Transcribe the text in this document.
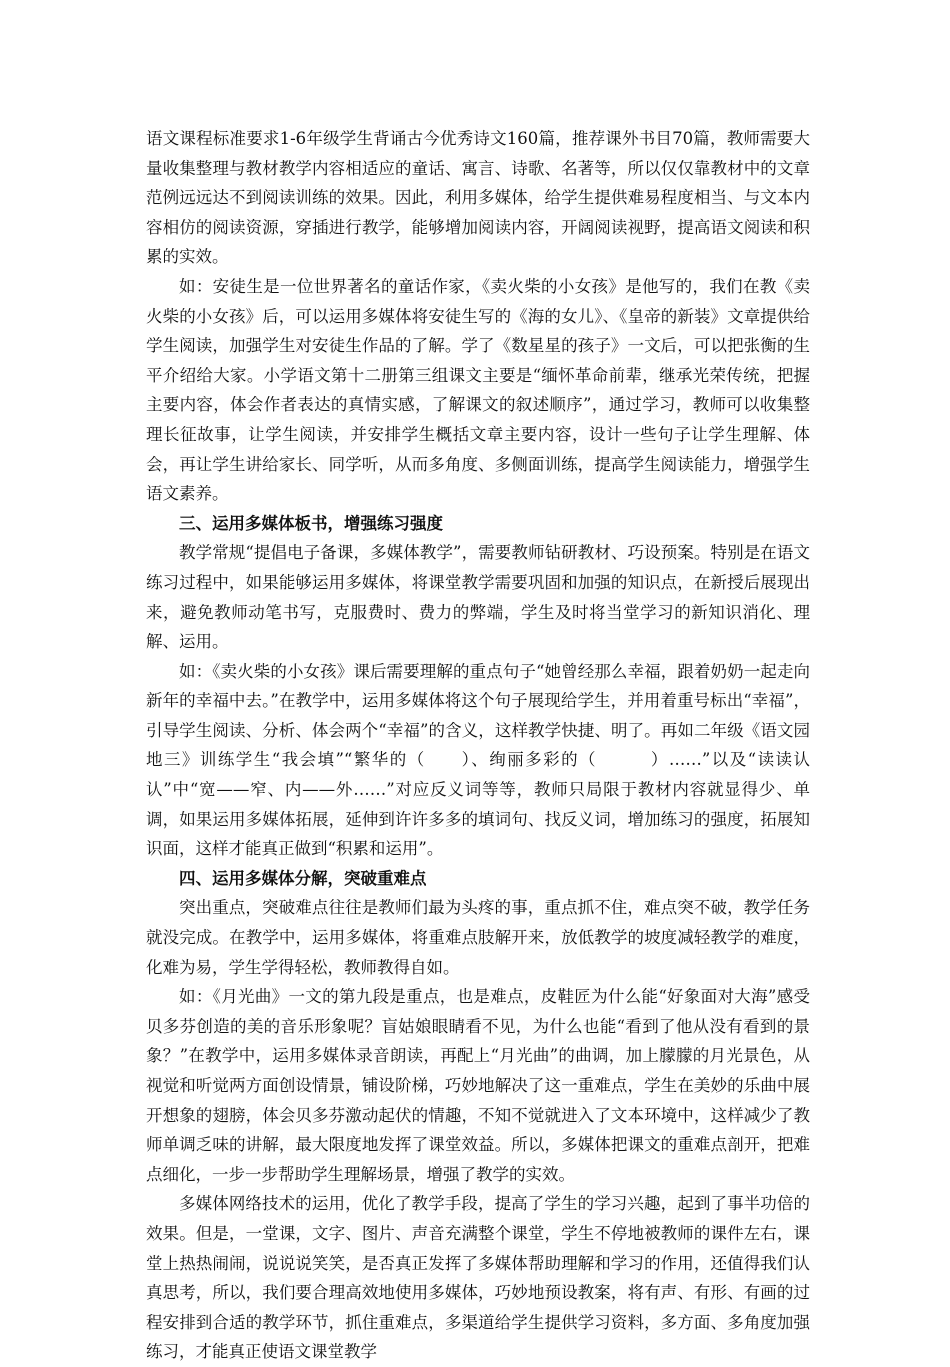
语文课程标准要求1-6年级学生背诵古今优秀诗文160篇，推荐课外书目70篇，教师需要大量收集整理与教材教学内容相适应的童话、寓言、诗歌、名著等，所以仅仅靠教材中的文章范例远远达不到阅读训练的效果。因此，利用多媒体，给学生提供难易程度相当、与文本内容相仿的阅读资源，穿插进行教学，能够增加阅读内容，开阔阅读视野，提高语文阅读和积累的实效。

如：安徒生是一位世界著名的童话作家，《卖火柴的小女孩》是他写的，我们在教《卖火柴的小女孩》后，可以运用多媒体将安徒生写的《海的女儿》、《皇帝的新装》文章提供给学生阅读，加强学生对安徒生作品的了解。学了《数星星的孩子》一文后，可以把张衡的生平介绍给大家。小学语文第十二册第三组课文主要是“缅怀革命前辈，继承光荣传统，把握主要内容，体会作者表达的真情实感，了解课文的叙述顺序”，通过学习，教师可以收集整理长征故事，让学生阅读，并安排学生概括文章主要内容，设计一些句子让学生理解、体会，再让学生讲给家长、同学听，从而多角度、多侧面训练，提高学生阅读能力，增强学生语文素养。

三、运用多媒体板书，增强练习强度

教学常规“提倡电子备课，多媒体教学”，需要教师钻研教材、巧设预案。特别是在语文练习过程中，如果能够运用多媒体，将课堂教学需要巩固和加强的知识点，在新授后展现出来，避免教师动笔书写，克服费时、费力的弊端，学生及时将当堂学习的新知识消化、理解、运用。

如：《卖火柴的小女孩》课后需要理解的重点句子“她曾经那么幸福，跟着奶奶一起走向新年的幸福中去。”在教学中，运用多媒体将这个句子展现给学生，并用着重号标出“幸福”，引导学生阅读、分析、体会两个“幸福”的含义，这样教学快捷、明了。再如二年级《语文园地三》训练学生“我会填”“繁华的（　　）、绚丽多彩的（　　　）……”以及“读读认认”中“宽——窄、内——外……”对应反义词等等，教师只局限于教材内容就显得少、单调，如果运用多媒体拓展，延伸到许许多多的填词句、找反义词，增加练习的强度，拓展知识面，这样才能真正做到“积累和运用”。

四、运用多媒体分解，突破重难点

突出重点，突破难点往往是教师们最为头疼的事，重点抓不住，难点突不破，教学任务就没完成。在教学中，运用多媒体，将重难点肢解开来，放低教学的坡度减轻教学的难度，化难为易，学生学得轻松，教师教得自如。

如：《月光曲》一文的第九段是重点，也是难点，皮鞋匠为什么能“好象面对大海”感受贝多芬创造的美的音乐形象呢？盲姑娘眼睛看不见，为什么也能“看到了他从没有看到的景象？”在教学中，运用多媒体录音朗读，再配上“月光曲”的曲调，加上朦朦的月光景色，从视觉和听觉两方面创设情景，铺设阶梯，巧妙地解决了这一重难点，学生在美妙的乐曲中展开想象的翅膀，体会贝多芬激动起伏的情趣，不知不觉就进入了文本环境中，这样减少了教师单调乏味的讲解，最大限度地发挥了课堂效益。所以，多媒体把课文的重难点剖开，把难点细化，一步一步帮助学生理解场景，增强了教学的实效。

多媒体网络技术的运用，优化了教学手段，提高了学生的学习兴趣，起到了事半功倍的效果。但是，一堂课，文字、图片、声音充满整个课堂，学生不停地被教师的课件左右，课堂上热热闹闹，说说说笑笑，是否真正发挥了多媒体帮助理解和学习的作用，还值得我们认真思考，所以，我们要合理高效地使用多媒体，巧妙地预设教案，将有声、有形、有画的过程安排到合适的教学环节，抓住重难点，多渠道给学生提供学习资料，多方面、多角度加强练习，才能真正使语文课堂教学
